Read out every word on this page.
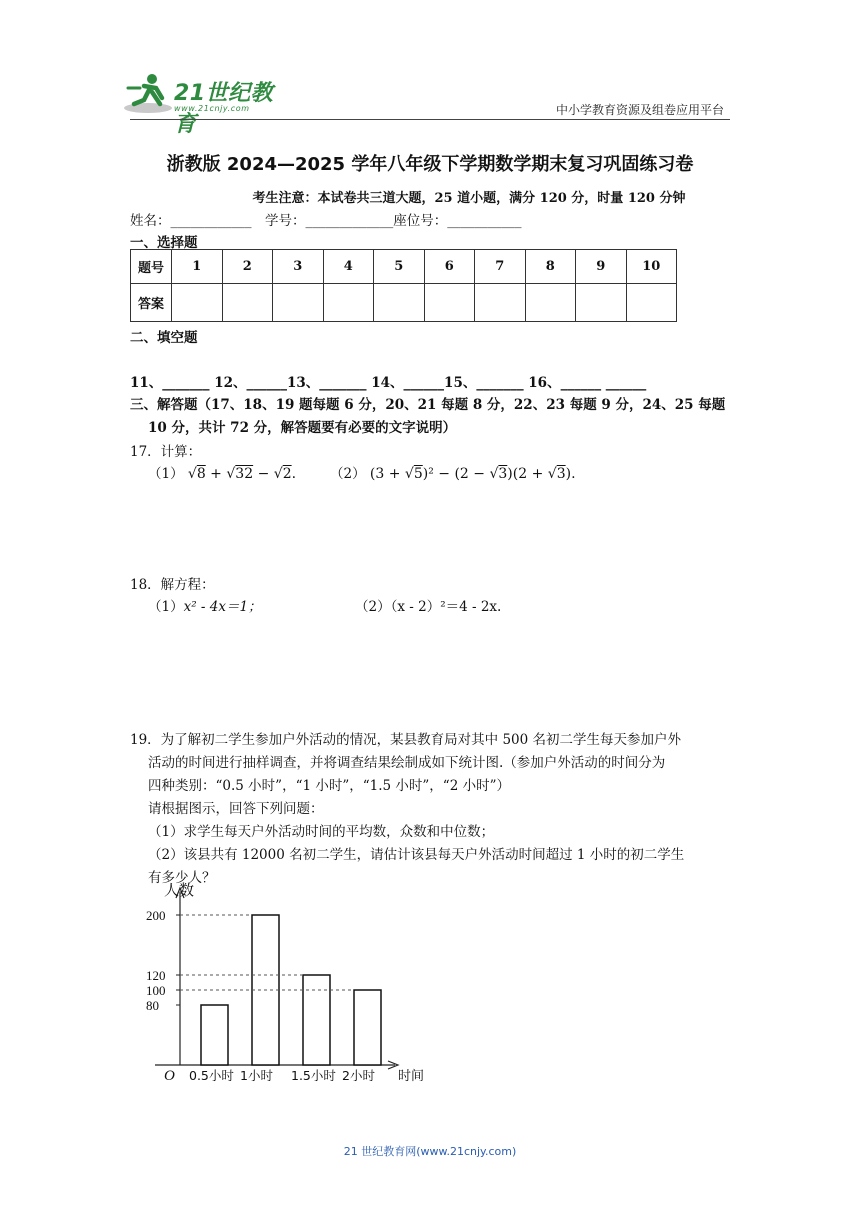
21世纪教育
www.21cnjy.com	中小学教育资源及组卷应用平台
浙教版 2024—2025 学年八年级下学期数学期末复习巩固练习卷
考生注意：本试卷共三道大题，25 道小题，满分 120 分，时量 120 分钟
姓名：____________　学号：_____________座位号：___________
一、选择题
题号	1	2	3	4	5	6	7	8	9	10
答案										
二、填空题
11、_______ 12、______13、_______ 14、______15、_______ 16、______ ______
三、解答题（17、18、19 题每题 6 分，20、21 每题 8 分，22、23 每题 9 分，24、25 每题
10 分，共计 72 分，解答题要有必要的文字说明）
17．计算：
（1） √8 + √32 − √2.	（2） (3 + √5)² − (2 − √3)(2 + √3).
18．解方程：
（1）x² - 4x＝1；	（2）（x - 2）²＝4 - 2x.
19．为了解初二学生参加户外活动的情况，某县教育局对其中 500 名初二学生每天参加户外
活动的时间进行抽样调查，并将调查结果绘制成如下统计图.（参加户外活动的时间分为
四种类别：“0.5 小时”，“1 小时”，“1.5 小时”，“2 小时”）
请根据图示，回答下列问题：
（1）求学生每天户外活动时间的平均数，众数和中位数；
（2）该县共有 12000 名初二学生，请估计该县每天户外活动时间超过 1 小时的初二学生
有多少人？
人数
时间
O
80
100
120
200
0.5小时 1小时 1.5小时 2小时
21 世纪教育网(www.21cnjy.com)
